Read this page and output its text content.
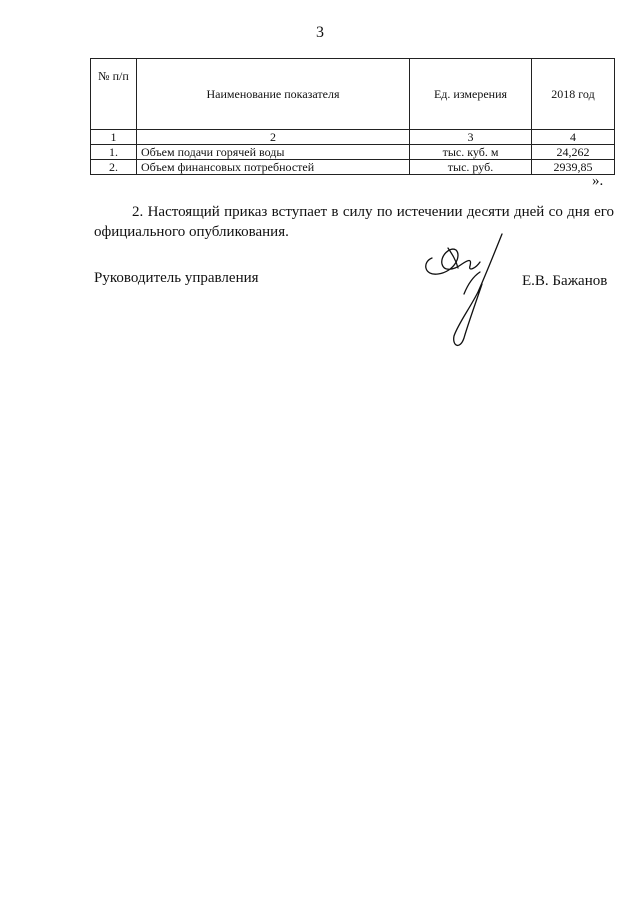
3
№ п/п	Наименование показателя	Ед. измерения	2018 год
1	2	3	4
1.	Объем подачи горячей воды	тыс. куб. м	24,262
2.	Объем финансовых потребностей	тыс. руб.	2939,85
».

2. Настоящий приказ вступает в силу по истечении десяти дней со дня его официального опубликования.

Руководитель управления	Е.В. Бажанов
